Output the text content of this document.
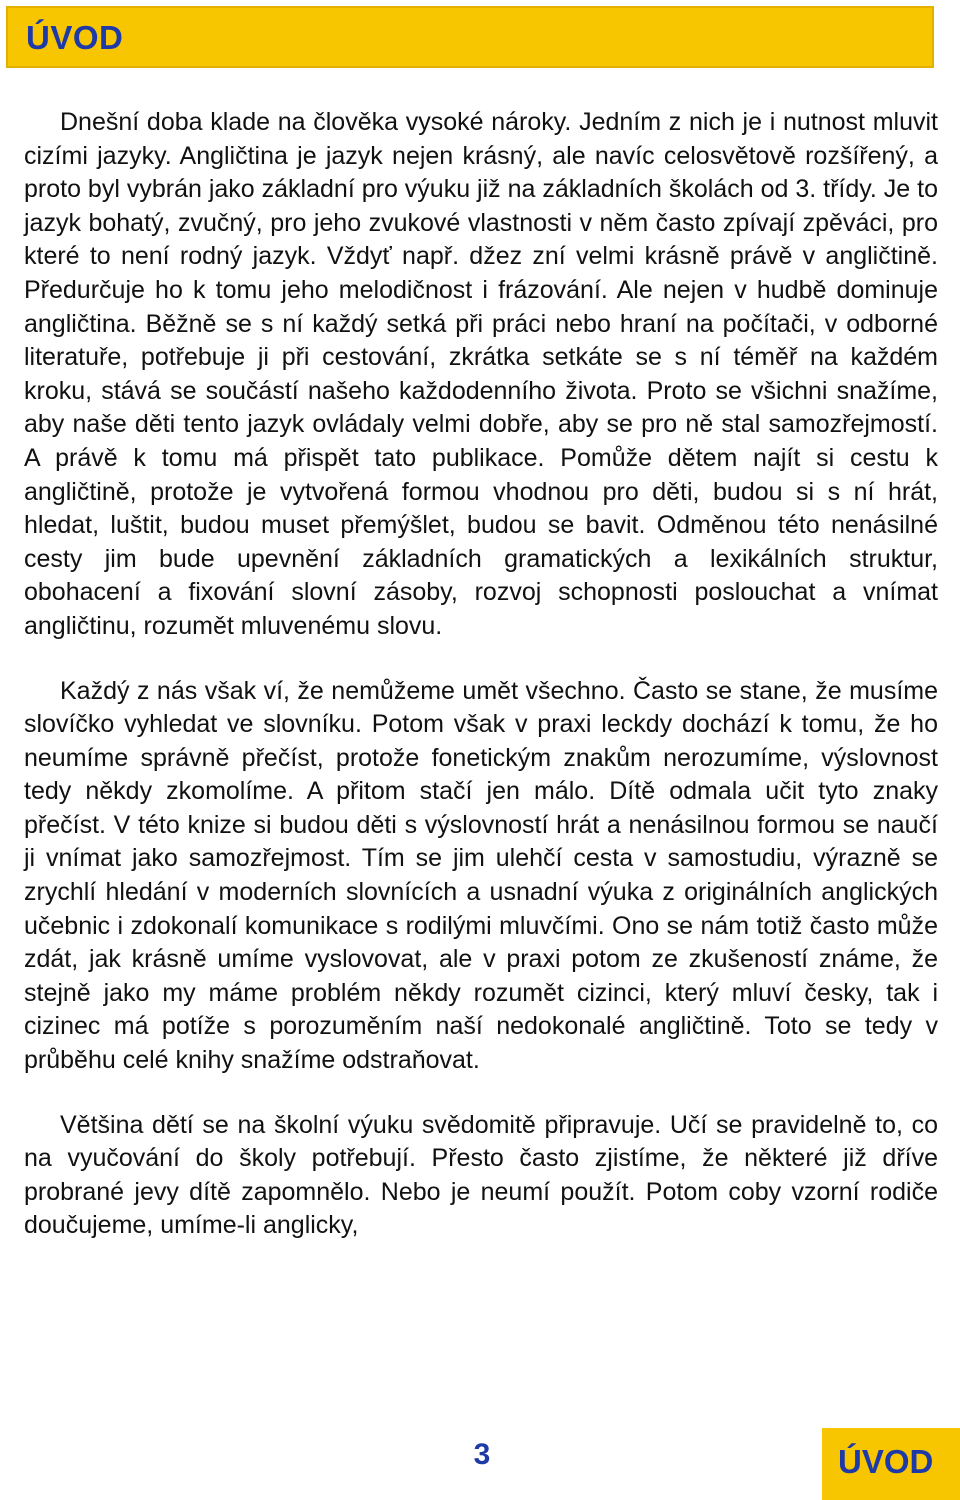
ÚVOD

Dnešní doba klade na člověka vysoké nároky. Jedním z nich je i nutnost mluvit cizími jazyky. Angličtina je jazyk nejen krásný, ale navíc celosvětově rozšířený, a proto byl vybrán jako základní pro výuku již na základních školách od 3. třídy. Je to jazyk bohatý, zvučný, pro jeho zvukové vlastnosti v něm často zpívají zpěváci, pro které to není rodný jazyk. Vždyť např. džez zní velmi krásně právě v angličtině. Předurčuje ho k tomu jeho melodičnost i frázování. Ale nejen v hudbě dominuje angličtina. Běžně se s ní každý setká při práci nebo hraní na počítači, v odborné literatuře, potřebuje ji při cestování, zkrátka setkáte se s ní téměř na každém kroku, stává se součástí našeho každodenního života. Proto se všichni snažíme, aby naše děti tento jazyk ovládaly velmi dobře, aby se pro ně stal samozřejmostí. A právě k tomu má přispět tato publikace. Pomůže dětem najít si cestu k angličtině, protože je vytvořená formou vhodnou pro děti, budou si s ní hrát, hledat, luštit, budou muset přemýšlet, budou se bavit. Odměnou této nenásilné cesty jim bude upevnění základních gramatických a lexikálních struktur, obohacení a fixování slovní zásoby, rozvoj schopnosti poslouchat a vnímat angličtinu, rozumět mluvenému slovu.

Každý z nás však ví, že nemůžeme umět všechno. Často se stane, že musíme slovíčko vyhledat ve slovníku. Potom však v praxi leckdy dochází k tomu, že ho neumíme správně přečíst, protože fonetickým znakům nerozumíme, výslovnost tedy někdy zkomolíme. A přitom stačí jen málo. Dítě odmala učit tyto znaky přečíst. V této knize si budou děti s výslovností hrát a nenásilnou formou se naučí ji vnímat jako samozřejmost. Tím se jim ulehčí cesta v samostudiu, výrazně se zrychlí hledání v moderních slovnících a usnadní výuka z originálních anglických učebnic i zdokonalí komunikace s rodilými mluvčími. Ono se nám totiž často může zdát, jak krásně umíme vyslovovat, ale v praxi potom ze zkušeností známe, že stejně jako my máme problém někdy rozumět cizinci, který mluví česky, tak i cizinec má potíže s porozuměním naší nedokonalé angličtině. Toto se tedy v průběhu celé knihy snažíme odstraňovat.

Většina dětí se na školní výuku svědomitě připravuje. Učí se pravidelně to, co na vyučování do školy potřebují. Přesto často zjistíme, že některé již dříve probrané jevy dítě zapomnělo. Nebo je neumí použít. Potom coby vzorní rodiče doučujeme, umíme-li anglicky,

3	ÚVOD
